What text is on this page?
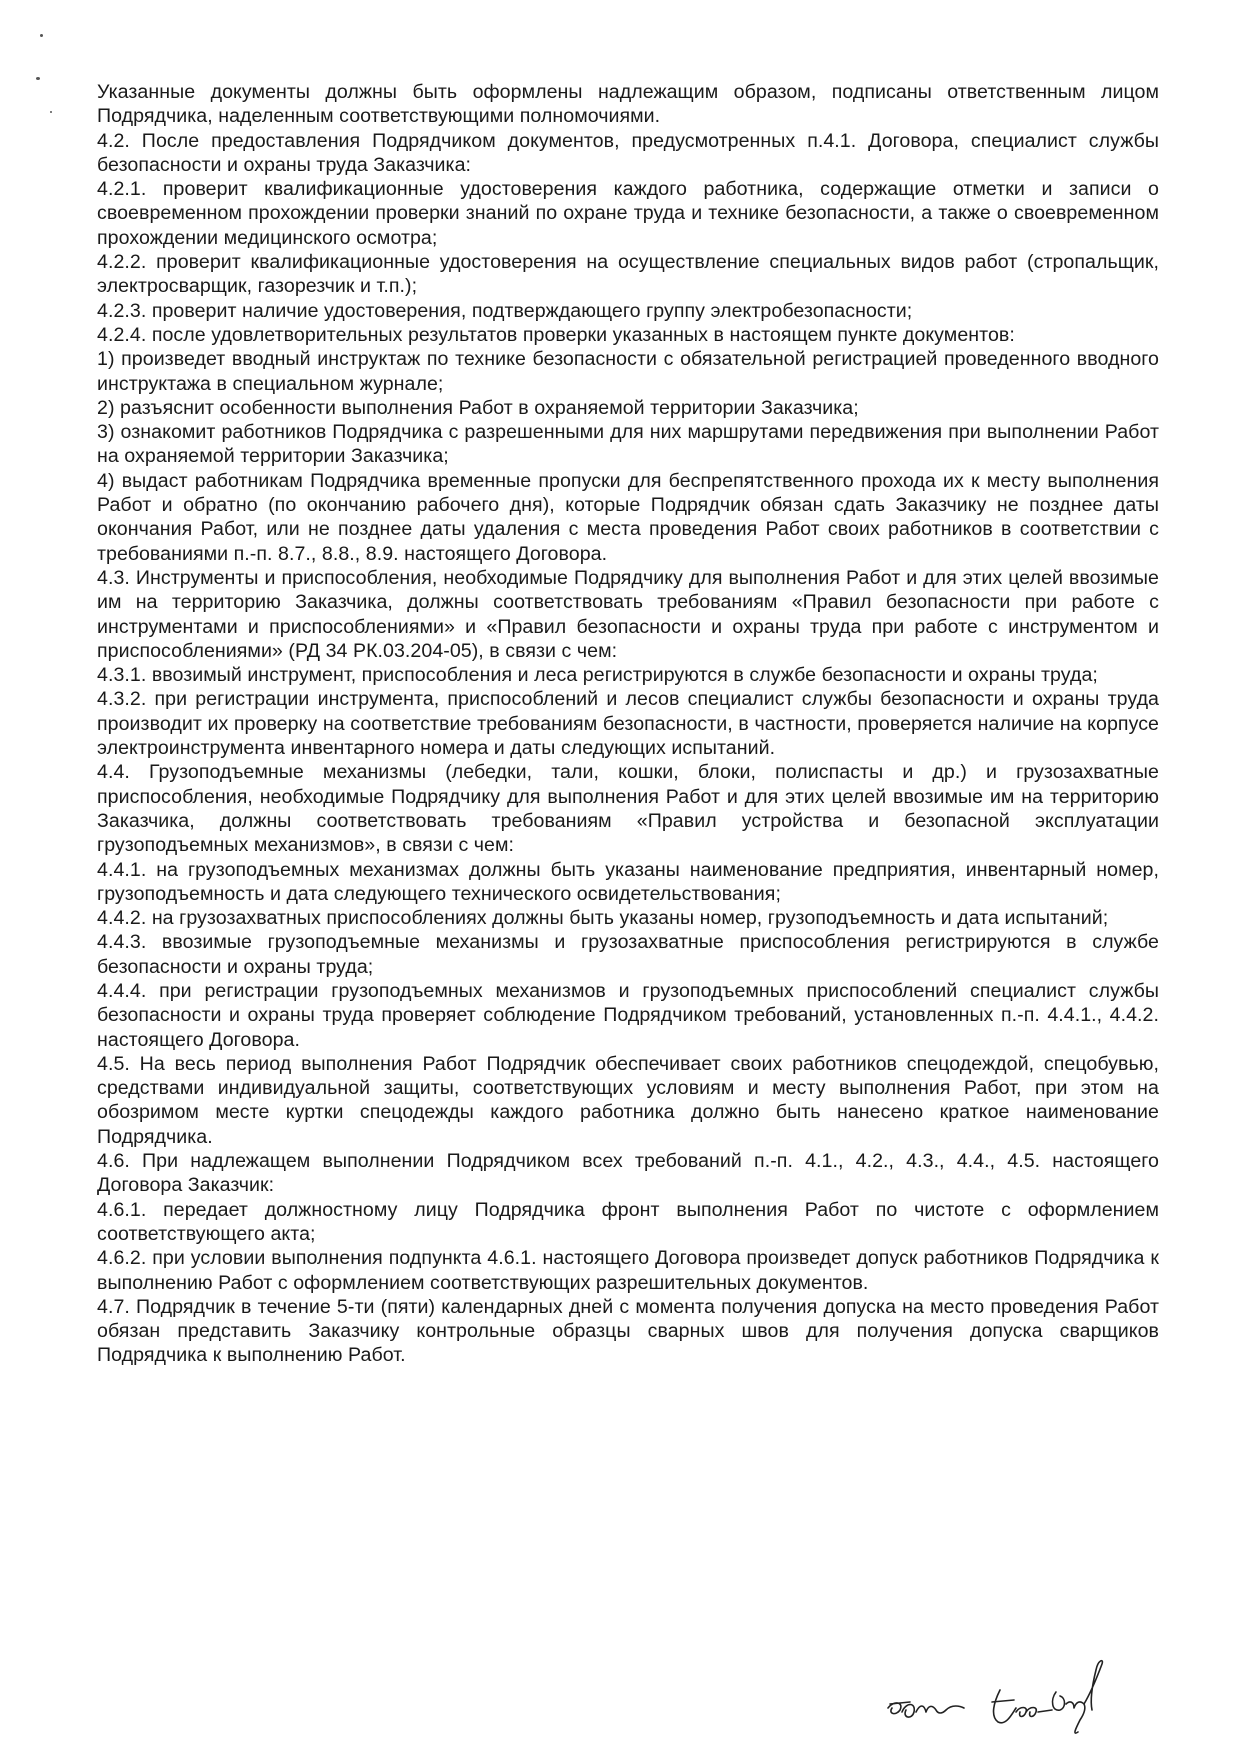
Указанные документы должны быть оформлены надлежащим образом, подписаны ответственным лицом Подрядчика, наделенным соответствующими полномочиями.

4.2. После предоставления Подрядчиком документов, предусмотренных п.4.1. Договора, специалист службы безопасности и охраны труда Заказчика:

4.2.1. проверит квалификационные удостоверения каждого работника, содержащие отметки и записи о своевременном прохождении проверки знаний по охране труда и технике безопасности, а также о своевременном прохождении медицинского осмотра;

4.2.2. проверит квалификационные удостоверения на осуществление специальных видов работ (стропальщик, электросварщик, газорезчик и т.п.);

4.2.3. проверит наличие удостоверения, подтверждающего группу электробезопасности;

4.2.4. после удовлетворительных результатов проверки указанных в настоящем пункте документов:

1) произведет вводный инструктаж по технике безопасности с обязательной регистрацией проведенного вводного инструктажа в специальном журнале;

2) разъяснит особенности выполнения Работ в охраняемой территории Заказчика;

3) ознакомит работников Подрядчика с разрешенными для них маршрутами передвижения при выполнении Работ на охраняемой территории Заказчика;

4) выдаст работникам Подрядчика временные пропуски для беспрепятственного прохода их к месту выполнения Работ и обратно (по окончанию рабочего дня), которые Подрядчик обязан сдать Заказчику не позднее даты окончания Работ, или не позднее даты удаления с места проведения Работ своих работников в соответствии с требованиями п.-п. 8.7., 8.8., 8.9. настоящего Договора.

4.3. Инструменты и приспособления, необходимые Подрядчику для выполнения Работ и для этих целей ввозимые им на территорию Заказчика, должны соответствовать требованиям «Правил безопасности при работе с инструментами и приспособлениями» и «Правил безопасности и охраны труда при работе с инструментом и приспособлениями» (РД 34 РК.03.204-05), в связи с чем:

4.3.1. ввозимый инструмент, приспособления и леса регистрируются в службе безопасности и охраны труда;

4.3.2. при регистрации инструмента, приспособлений и лесов специалист службы безопасности и охраны труда производит их проверку на соответствие требованиям безопасности, в частности, проверяется наличие на корпусе электроинструмента инвентарного номера и даты следующих испытаний.

4.4. Грузоподъемные механизмы (лебедки, тали, кошки, блоки, полиспасты и др.) и грузозахватные приспособления, необходимые Подрядчику для выполнения Работ и для этих целей ввозимые им на территорию Заказчика, должны соответствовать требованиям «Правил устройства и безопасной эксплуатации грузоподъемных механизмов», в связи с чем:

4.4.1. на грузоподъемных механизмах должны быть указаны наименование предприятия, инвентарный номер, грузоподъемность и дата следующего технического освидетельствования;

4.4.2. на грузозахватных приспособлениях должны быть указаны номер, грузоподъемность и дата испытаний;

4.4.3. ввозимые грузоподъемные механизмы и грузозахватные приспособления регистрируются в службе безопасности и охраны труда;

4.4.4. при регистрации грузоподъемных механизмов и грузоподъемных приспособлений специалист службы безопасности и охраны труда проверяет соблюдение Подрядчиком требований, установленных п.-п. 4.4.1., 4.4.2. настоящего Договора.

4.5. На весь период выполнения Работ Подрядчик обеспечивает своих работников спецодеждой, спецобувью, средствами индивидуальной защиты, соответствующих условиям и месту выполнения Работ, при этом на обозримом месте куртки спецодежды каждого работника должно быть нанесено краткое наименование Подрядчика.

4.6. При надлежащем выполнении Подрядчиком всех требований п.-п. 4.1., 4.2., 4.3., 4.4., 4.5. настоящего Договора Заказчик:

4.6.1. передает должностному лицу Подрядчика фронт выполнения Работ по чистоте с оформлением соответствующего акта;

4.6.2. при условии выполнения подпункта 4.6.1. настоящего Договора произведет допуск работников Подрядчика к выполнению Работ с оформлением соответствующих разрешительных документов.

4.7. Подрядчик в течение 5-ти (пяти) календарных дней с момента получения допуска на место проведения Работ обязан представить Заказчику контрольные образцы сварных швов для получения допуска сварщиков Подрядчика к выполнению Работ.
